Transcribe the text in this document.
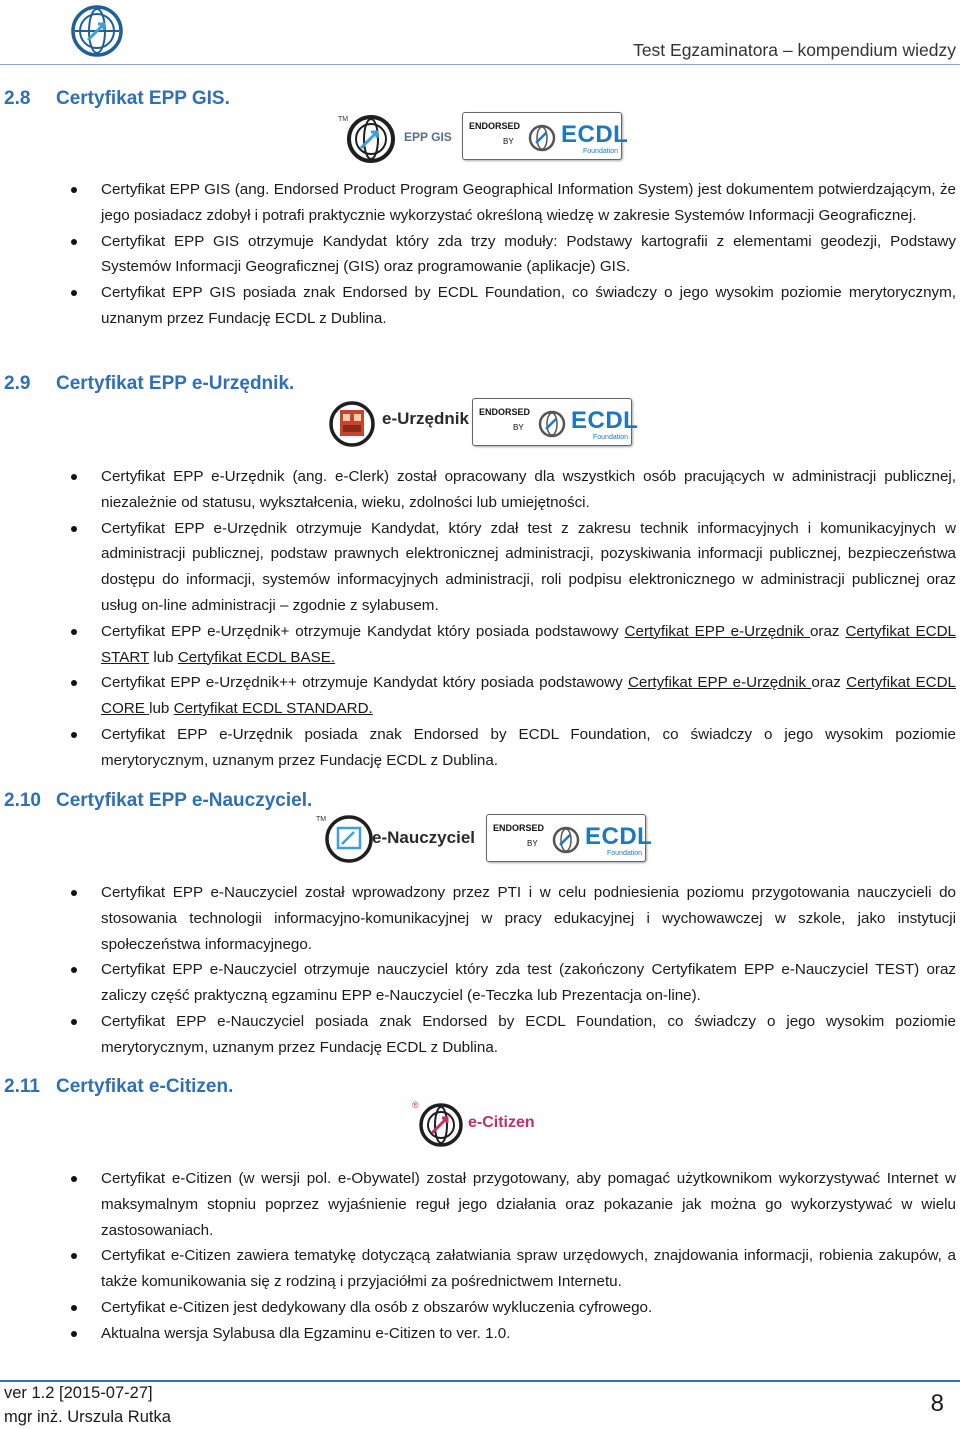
Test Egzaminatora – kompendium wiedzy
2.8 Certyfikat EPP GIS.
TM
EPP GIS
ENDORSED
BY ECDL
Foundation
Certyfikat EPP GIS (ang. Endorsed Product Program Geographical Information System) jest dokumentem potwierdzającym, że jego posiadacz zdobył i potrafi praktycznie wykorzystać określoną wiedzę w zakresie Systemów Informacji Geograficznej.
Certyfikat EPP GIS otrzymuje Kandydat który zda trzy moduły: Podstawy kartografii z elementami geodezji, Podstawy Systemów Informacji Geograficznej (GIS) oraz programowanie (aplikacje) GIS.
Certyfikat EPP GIS posiada znak Endorsed by ECDL Foundation, co świadczy o jego wysokim poziomie merytorycznym, uznanym przez Fundację ECDL z Dublina.
2.9 Certyfikat EPP e-Urzędnik.
e-Urzędnik ENDORSED
BY ECDL
Foundation
Certyfikat EPP e-Urzędnik (ang. e-Clerk) został opracowany dla wszystkich osób pracujących w administracji publicznej, niezależnie od statusu, wykształcenia, wieku, zdolności lub umiejętności.
Certyfikat EPP e-Urzędnik otrzymuje Kandydat, który zdał test z zakresu technik informacyjnych i komunikacyjnych w administracji publicznej, podstaw prawnych elektronicznej administracji, pozyskiwania informacji publicznej, bezpieczeństwa dostępu do informacji, systemów informacyjnych administracji, roli podpisu elektronicznego w administracji publicznej oraz usług on-line administracji – zgodnie z sylabusem.
Certyfikat EPP e-Urzędnik+ otrzymuje Kandydat który posiada podstawowy Certyfikat EPP e-Urzędnik oraz Certyfikat ECDL START lub Certyfikat ECDL BASE.
Certyfikat EPP e-Urzędnik++ otrzymuje Kandydat który posiada podstawowy Certyfikat EPP e-Urzędnik oraz Certyfikat ECDL CORE lub Certyfikat ECDL STANDARD.
Certyfikat EPP e-Urzędnik posiada znak Endorsed by ECDL Foundation, co świadczy o jego wysokim poziomie merytorycznym, uznanym przez Fundację ECDL z Dublina.
2.10 Certyfikat EPP e-Nauczyciel.
TM
e-Nauczyciel ENDORSED
BY ECDL
Foundation
Certyfikat EPP e-Nauczyciel został wprowadzony przez PTI i w celu podniesienia poziomu przygotowania nauczycieli do stosowania technologii informacyjno-komunikacyjnej w pracy edukacyjnej i wychowawczej w szkole, jako instytucji społeczeństwa informacyjnego.
Certyfikat EPP e-Nauczyciel otrzymuje nauczyciel który zda test (zakończony Certyfikatem EPP e-Nauczyciel TEST) oraz zaliczy część praktyczną egzaminu EPP e-Nauczyciel (e-Teczka lub Prezentacja on-line).
Certyfikat EPP e-Nauczyciel posiada znak Endorsed by ECDL Foundation, co świadczy o jego wysokim poziomie merytorycznym, uznanym przez Fundację ECDL z Dublina.
2.11 Certyfikat e-Citizen.
®
e-Citizen
Certyfikat e-Citizen (w wersji pol. e-Obywatel) został przygotowany, aby pomagać użytkownikom wykorzystywać Internet w maksymalnym stopniu poprzez wyjaśnienie reguł jego działania oraz pokazanie jak można go wykorzystywać w wielu zastosowaniach.
Certyfikat e-Citizen zawiera tematykę dotyczącą załatwiania spraw urzędowych, znajdowania informacji, robienia zakupów, a także komunikowania się z rodziną i przyjaciółmi za pośrednictwem Internetu.
Certyfikat e-Citizen jest dedykowany dla osób z obszarów wykluczenia cyfrowego.
Aktualna wersja Sylabusa dla Egzaminu e-Citizen to ver. 1.0.
ver 1.2 [2015-07-27]
mgr inż. Urszula Rutka	8
